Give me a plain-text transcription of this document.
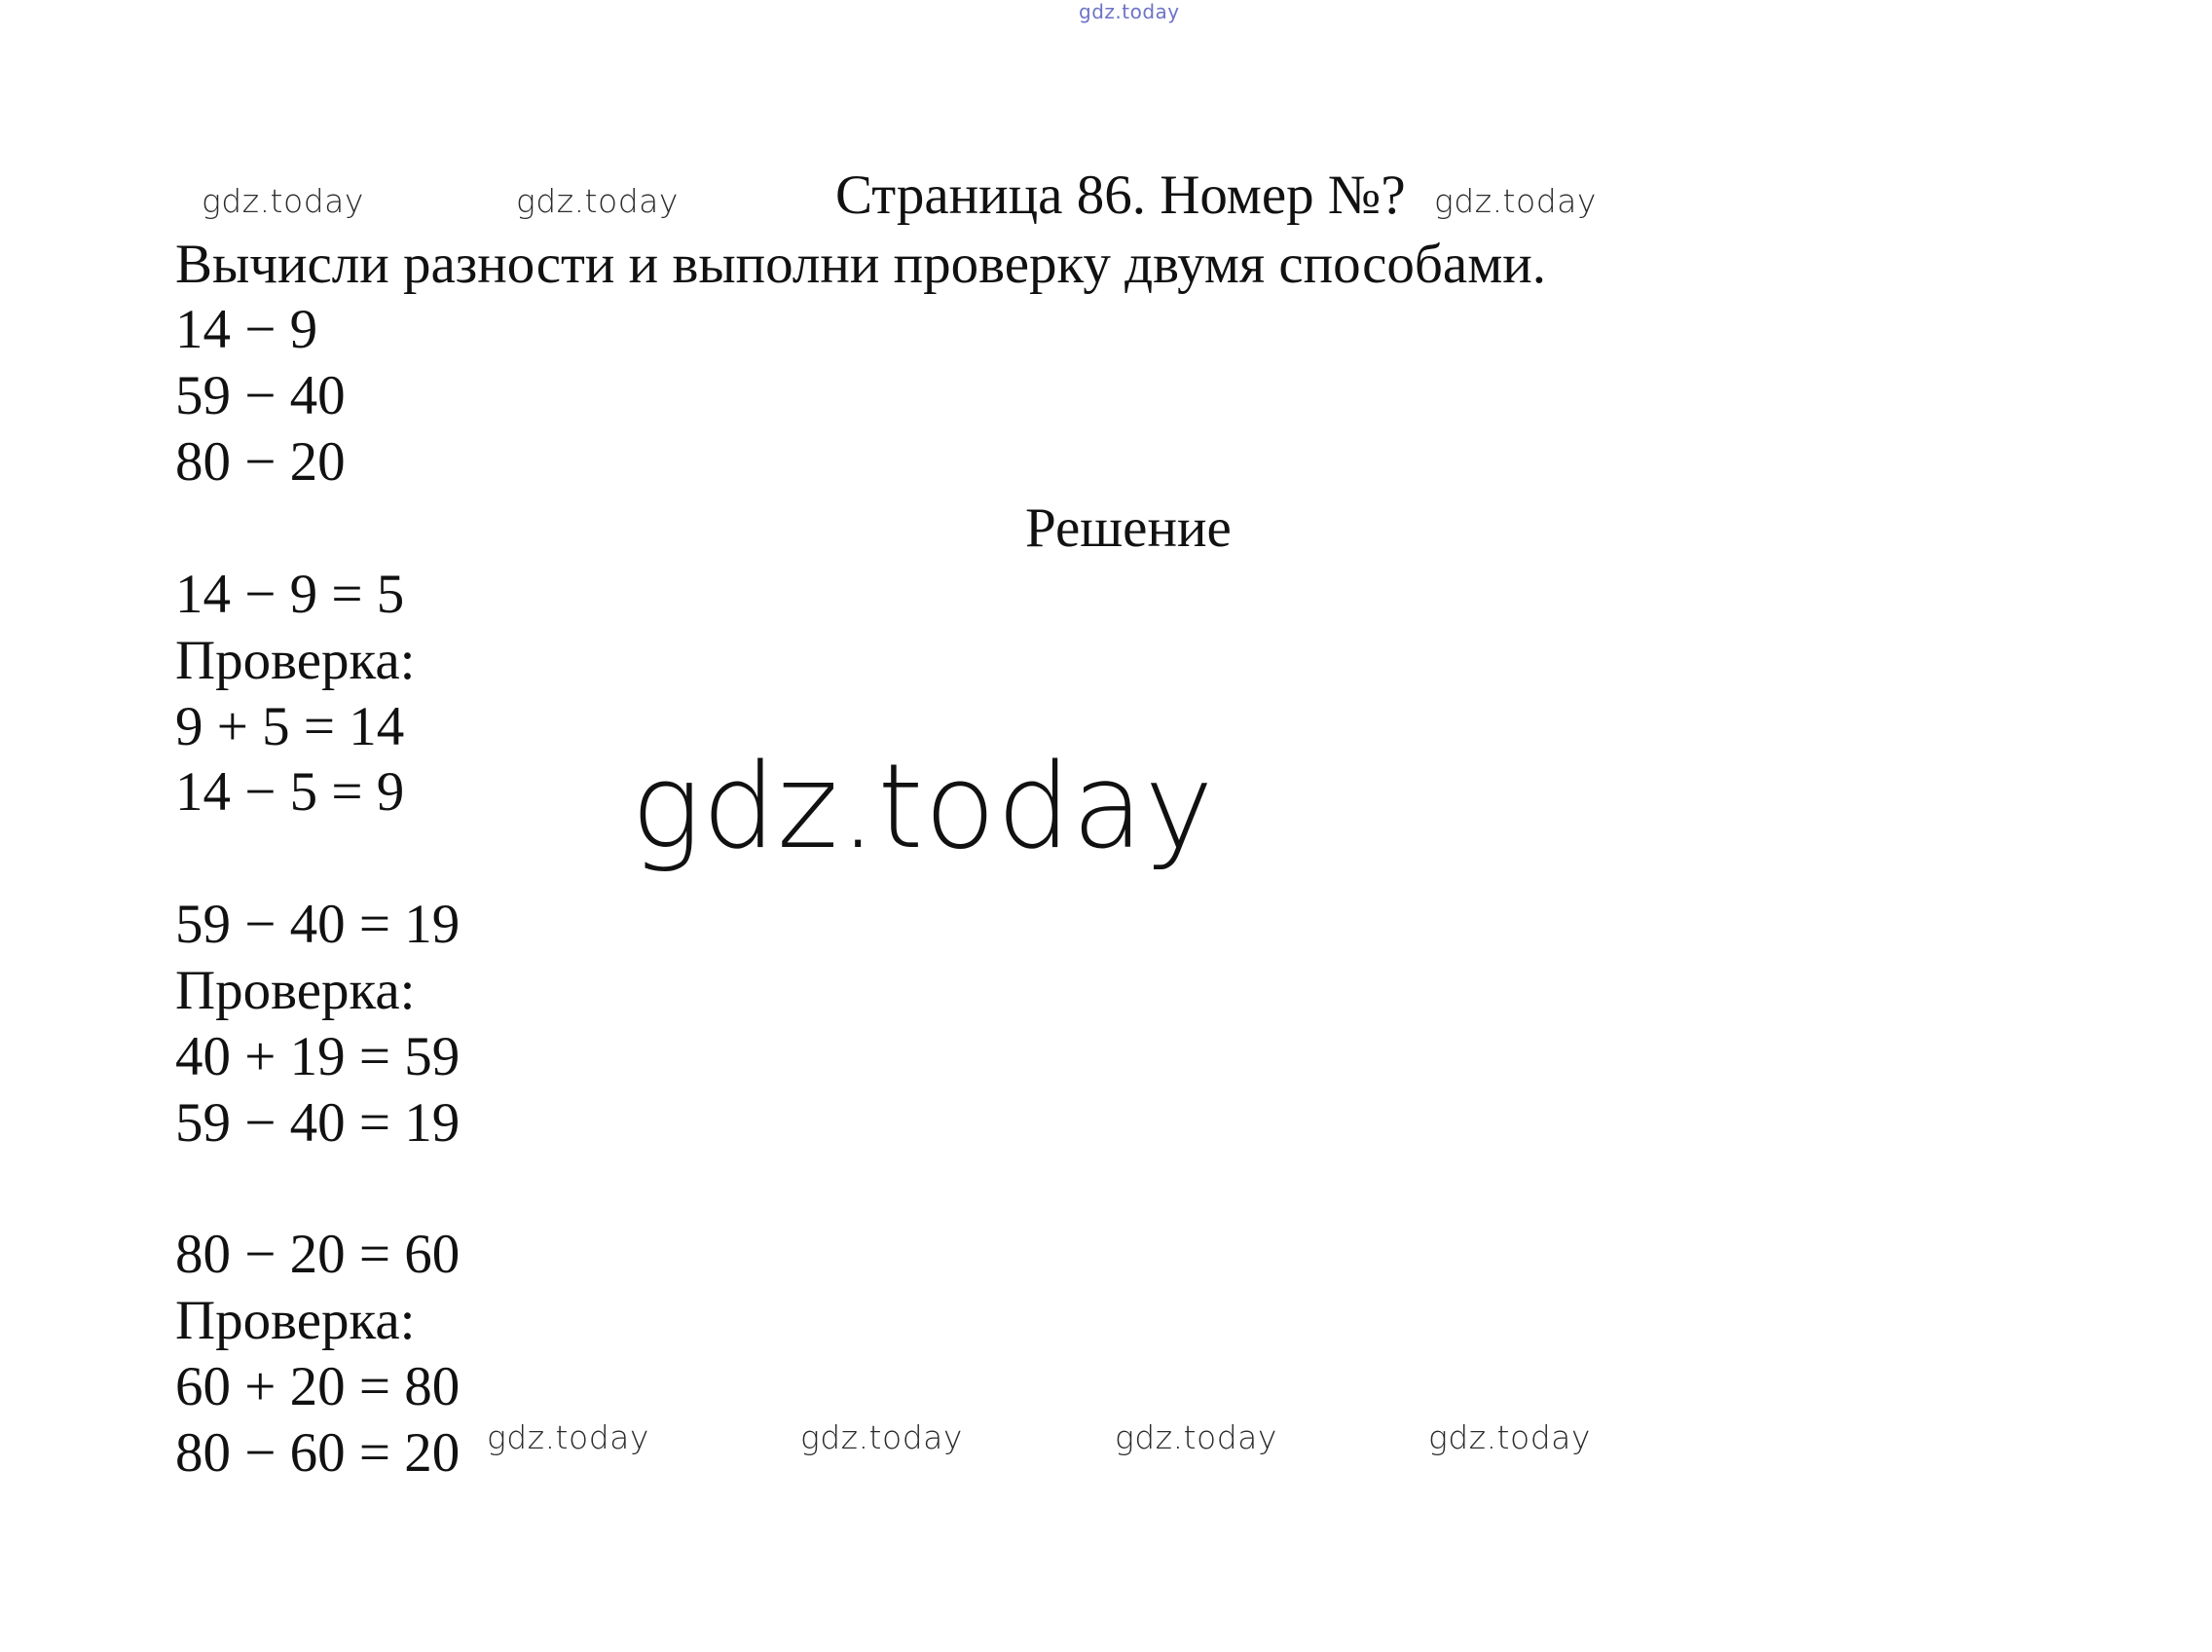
gdz.today
gdz.today	gdz.today	Страница 86. Номер №? gdz.today
Вычисли разности и выполни проверку двумя способами.
14 − 9
59 − 40
80 − 20
Решение
14 − 9 = 5
Проверка:
9 + 5 = 14
14 − 5 = 9 gdz.today
59 − 40 = 19
Проверка:
40 + 19 = 59
59 − 40 = 19
80 − 20 = 60
Проверка:
60 + 20 = 80
80 − 60 = 20 gdz.today	gdz.today	gdz.today	gdz.today
